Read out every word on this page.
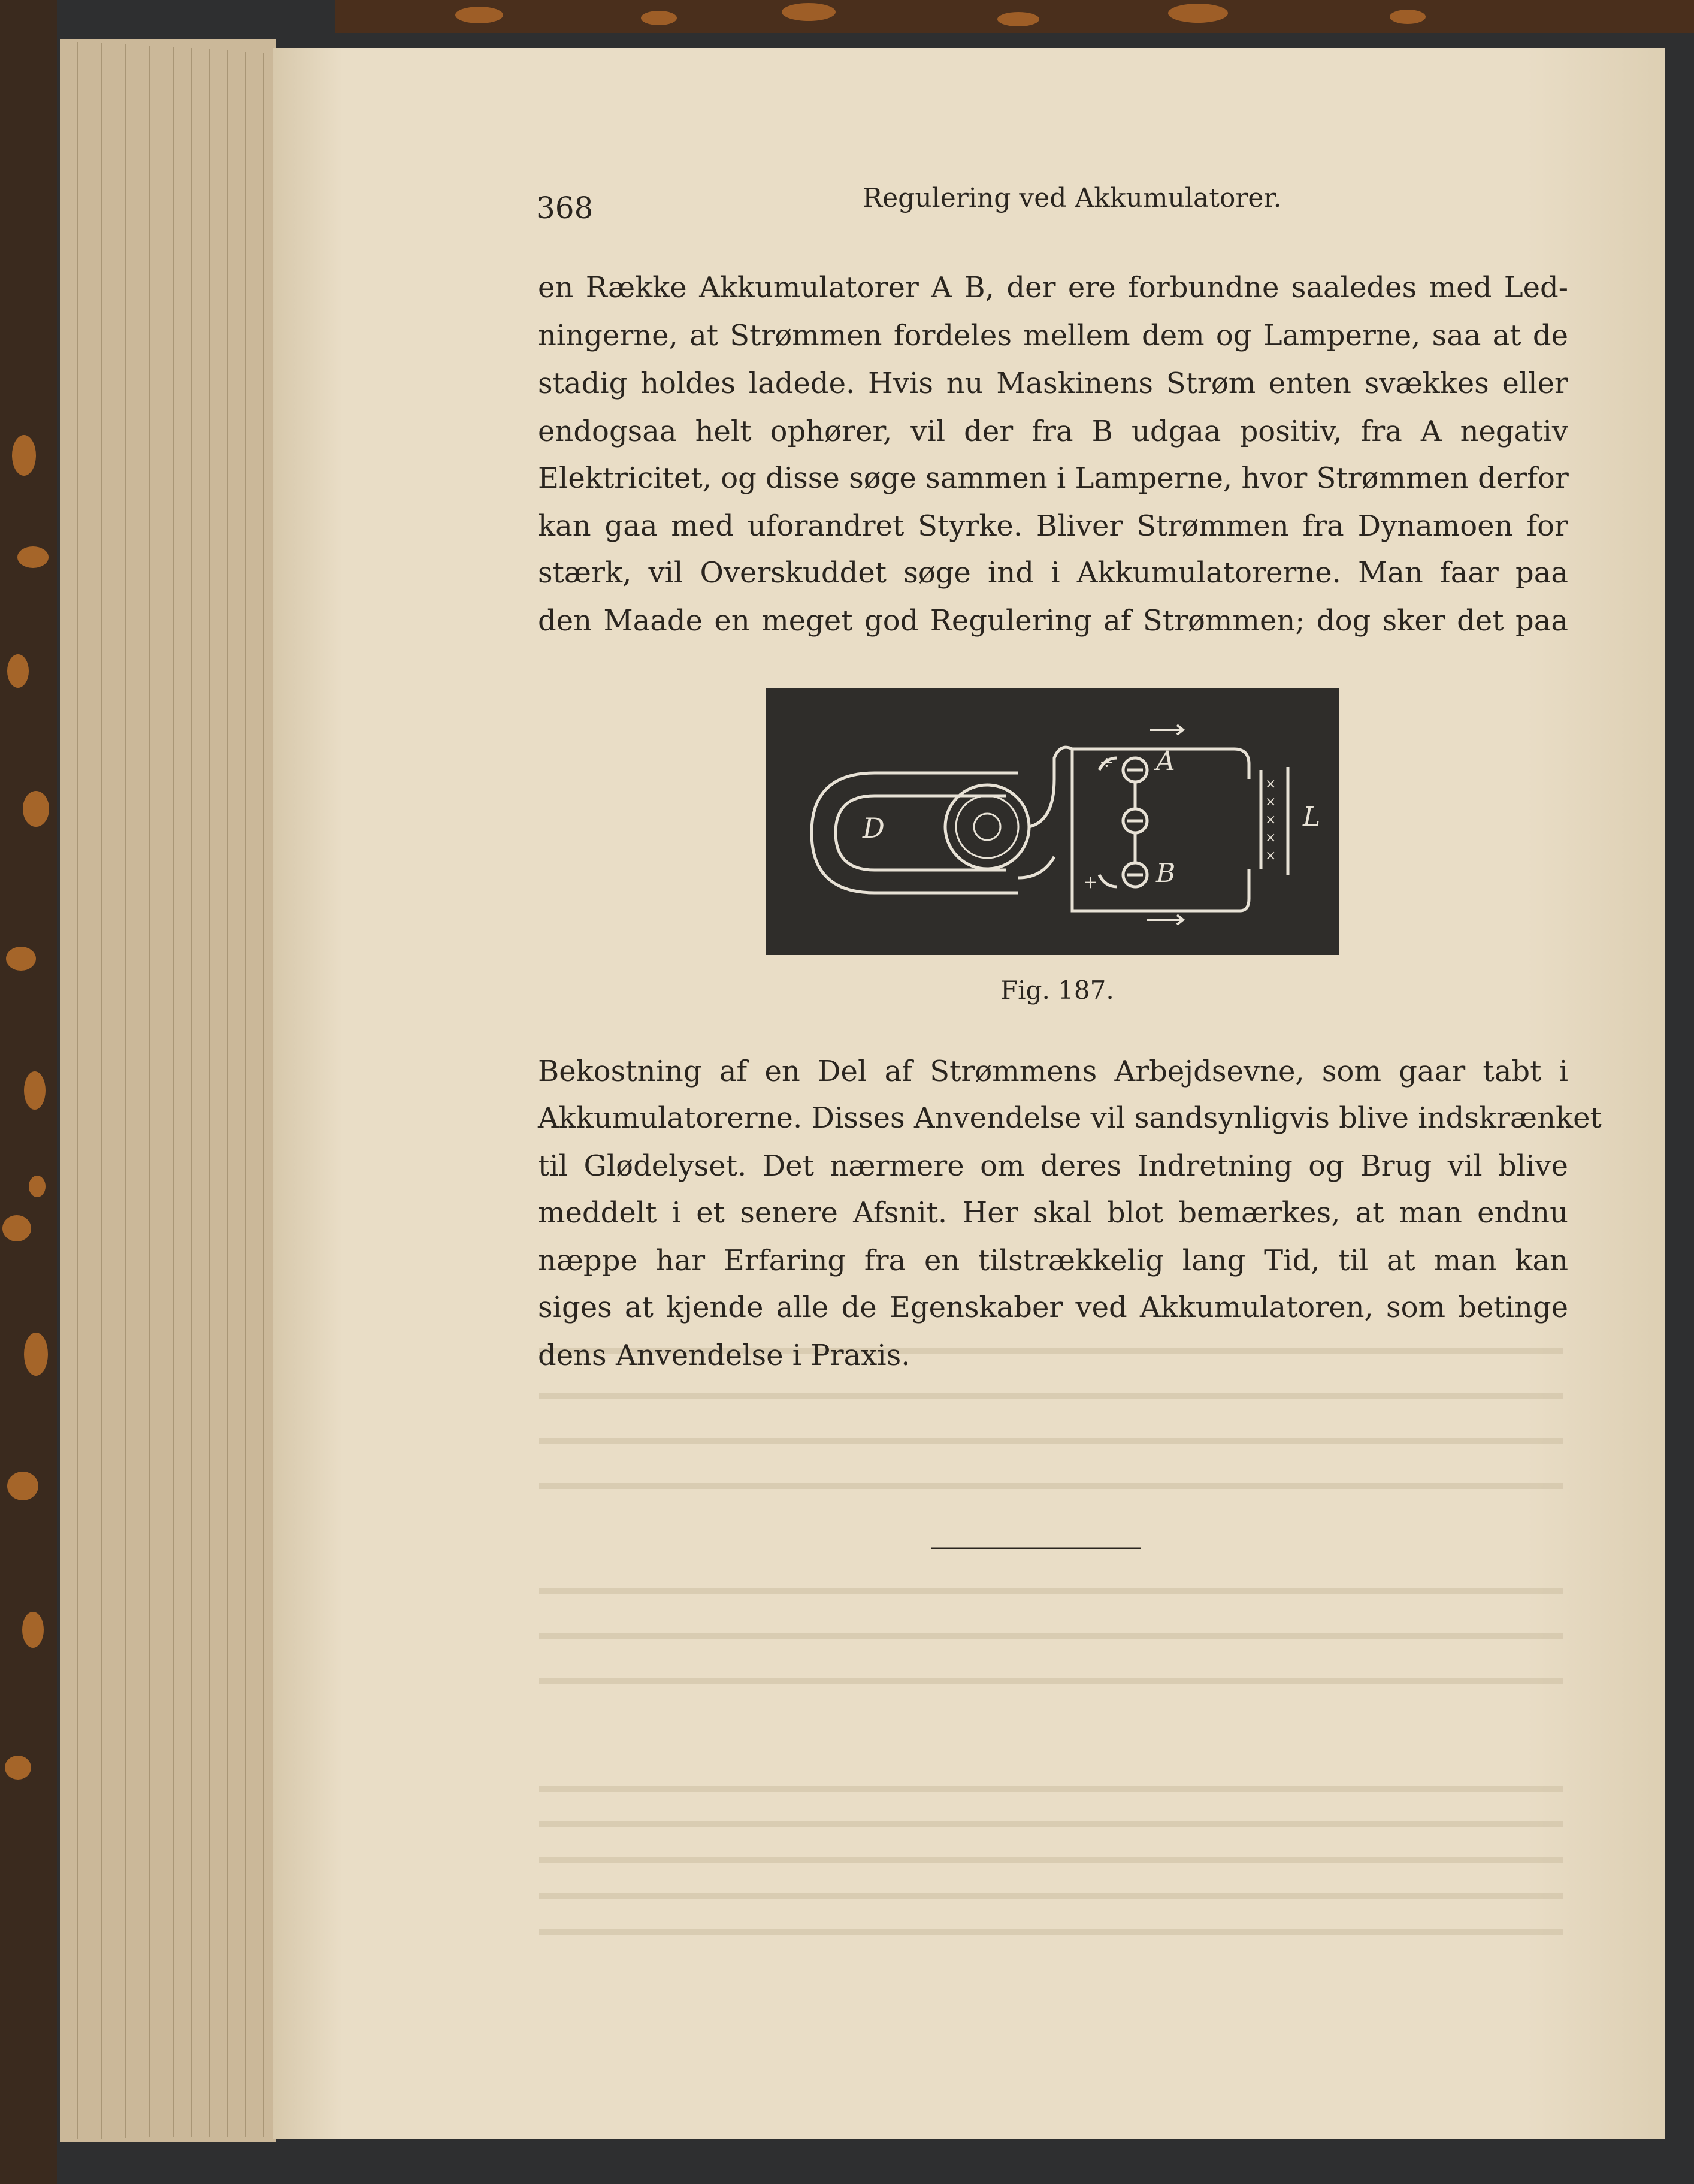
×
×
×
×
×
D
A
B
L
÷
+
368	Regulering ved Akkumulatorer.
en Række Akkumulatorer A B, der ere forbundne saaledes med Led-
ningerne, at Strømmen fordeles mellem dem og Lamperne, saa at de
stadig holdes ladede. Hvis nu Maskinens Strøm enten svækkes eller
endogsaa helt ophører, vil der fra B udgaa positiv, fra A negativ
Elektricitet, og disse søge sammen i Lamperne, hvor Strømmen derfor
kan gaa med uforandret Styrke. Bliver Strømmen fra Dynamoen for
stærk, vil Overskuddet søge ind i Akkumulatorerne. Man faar paa
den Maade en meget god Regulering af Strømmen; dog sker det paa
Fig. 187.
Bekostning af en Del af Strømmens Arbejdsevne, som gaar tabt i
Akkumulatorerne. Disses Anvendelse vil sandsynligvis blive indskrænket
til Glødelyset. Det nærmere om deres Indretning og Brug vil blive
meddelt i et senere Afsnit. Her skal blot bemærkes, at man endnu
næppe har Erfaring fra en tilstrækkelig lang Tid, til at man kan
siges at kjende alle de Egenskaber ved Akkumulatoren, som betinge
dens Anvendelse i Praxis.
